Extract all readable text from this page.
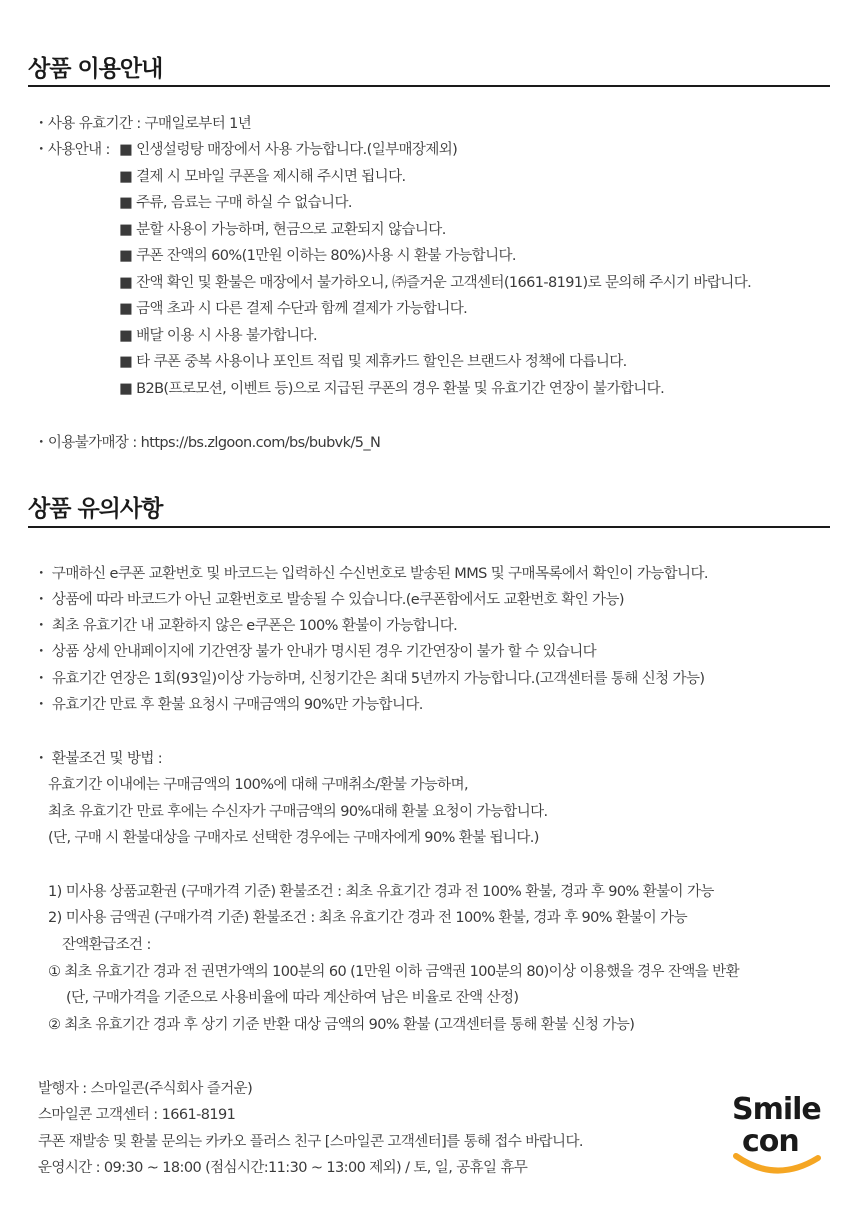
상품 이용안내
・사용 유효기간 : 구매일로부터 1년
・사용안내 : ■ 인생설렁탕 매장에서 사용 가능합니다.(일부매장제외)
■ 결제 시 모바일 쿠폰을 제시해 주시면 됩니다.
■ 주류, 음료는 구매 하실 수 없습니다.
■ 분할 사용이 가능하며, 현금으로 교환되지 않습니다.
■ 쿠폰 잔액의 60%(1만원 이하는 80%)사용 시 환불 가능합니다.
■ 잔액 확인 및 환불은 매장에서 불가하오니, ㈜즐거운 고객센터(1661-8191)로 문의해 주시기 바랍니다.
■ 금액 초과 시 다른 결제 수단과 함께 결제가 가능합니다.
■ 배달 이용 시 사용 불가합니다.
■ 타 쿠폰 중복 사용이나 포인트 적립 및 제휴카드 할인은 브랜드사 정책에 다릅니다.
■ B2B(프로모션, 이벤트 등)으로 지급된 쿠폰의 경우 환불 및 유효기간 연장이 불가합니다.
・이용불가매장 : https://bs.zlgoon.com/bs/bubvk/5_N
상품 유의사항
・ 구매하신 e쿠폰 교환번호 및 바코드는 입력하신 수신번호로 발송된 MMS 및 구매목록에서 확인이 가능합니다.
・ 상품에 따라 바코드가 아닌 교환번호로 발송될 수 있습니다.(e쿠폰함에서도 교환번호 확인 가능)
・ 최초 유효기간 내 교환하지 않은 e쿠폰은 100% 환불이 가능합니다.
・ 상품 상세 안내페이지에 기간연장 불가 안내가 명시된 경우 기간연장이 불가 할 수 있습니다
・ 유효기간 연장은 1회(93일)이상 가능하며, 신청기간은 최대 5년까지 가능합니다.(고객센터를 통해 신청 가능)
・ 유효기간 만료 후 환불 요청시 구매금액의 90%만 가능합니다.
・ 환불조건 및 방법 :
유효기간 이내에는 구매금액의 100%에 대해 구매취소/환불 가능하며,
최초 유효기간 만료 후에는 수신자가 구매금액의 90%대해 환불 요청이 가능합니다.
(단, 구매 시 환불대상을 구매자로 선택한 경우에는 구매자에게 90% 환불 됩니다.)
1) 미사용 상품교환권 (구매가격 기준) 환불조건 : 최초 유효기간 경과 전 100% 환불, 경과 후 90% 환불이 가능
2) 미사용 금액권 (구매가격 기준) 환불조건 : 최초 유효기간 경과 전 100% 환불, 경과 후 90% 환불이 가능
잔액환급조건 :
① 최초 유효기간 경과 전 권면가액의 100분의 60 (1만원 이하 금액권 100분의 80)이상 이용했을 경우 잔액을 반환
(단, 구매가격을 기준으로 사용비율에 따라 계산하여 남은 비율로 잔액 산정)
② 최초 유효기간 경과 후 상기 기준 반환 대상 금액의 90% 환불 (고객센터를 통해 환불 신청 가능)
발행자 : 스마일콘(주식회사 즐거운)
스마일콘 고객센터 : 1661-8191
쿠폰 재발송 및 환불 문의는 카카오 플러스 친구 [스마일콘 고객센터]를 통해 접수 바랍니다.
운영시간 : 09:30 ~ 18:00 (점심시간:11:30 ~ 13:00 제외) / 토, 일, 공휴일 휴무
Smile
con
